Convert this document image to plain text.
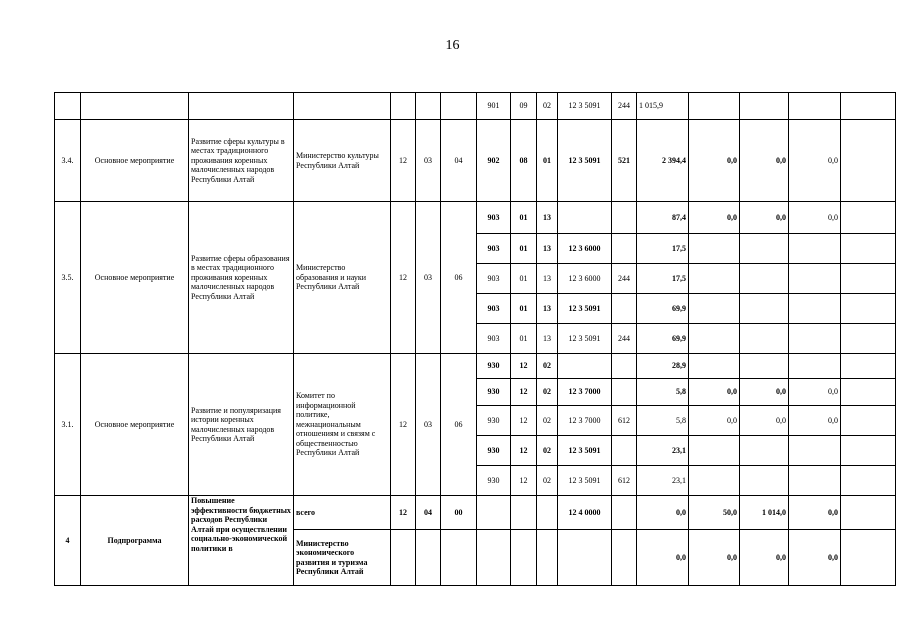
16
							901	09	02	12 3 5091	244	1 015,9				
3.4.	Основное мероприятие	Развитие сферы культуры в местах традиционного проживания коренных малочисленных народов Республики Алтай	Министерство культуры Республики Алтай	12	03	04	902	08	01	12 3 5091	521	2 394,4	0,0	0,0	0,0	
3.5.	Основное мероприятие	Развитие сферы образования в местах традиционного проживания коренных малочисленных народов Республики Алтай	Министерство образования и науки Республики Алтай	12	03	06	903	01	13			87,4	0,0	0,0	0,0	
							903	01	13	12 3 6000		17,5				
							903	01	13	12 3 6000	244	17,5				
							903	01	13	12 3 5091		69,9				
							903	01	13	12 3 5091	244	69,9				
3.1.	Основное мероприятие	Развитие и популяризация истории коренных малочисленных народов Республики Алтай	Комитет по информационной политике, межнациональным отношениям и связям с общественностью Республики Алтай	12	03	06	930	12	02			28,9				
							930	12	02	12 3 7000		5,8	0,0	0,0	0,0	
							930	12	02	12 3 7000	612	5,8	0,0	0,0	0,0	
							930	12	02	12 3 5091		23,1				
							930	12	02	12 3 5091	612	23,1				
4	Подпрограмма	Повышение эффективности бюджетных расходов Республики Алтай при осуществлении социально-экономической политики в	всего	12	04	00				12 4 0000		0,0	50,0	1 014,0	0,0	
			Министерство экономического развития и туризма Республики Алтай									0,0	0,0	0,0	0,0	
